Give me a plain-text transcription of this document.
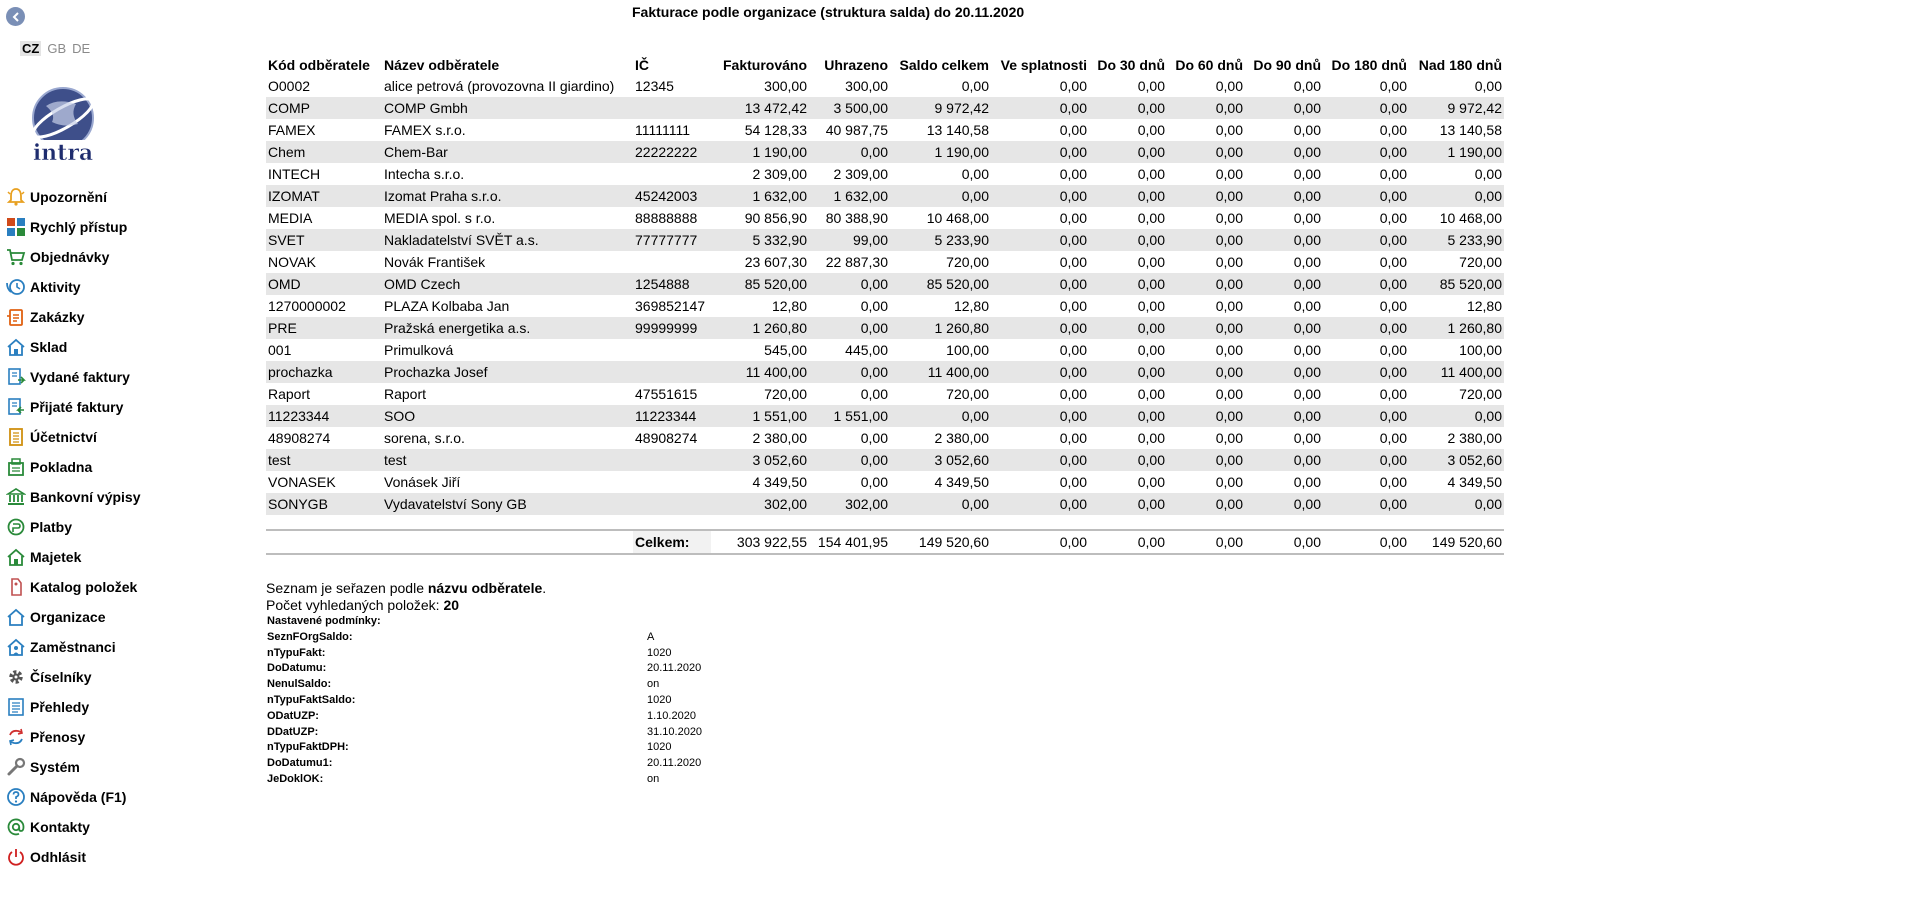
Fakturace podle organizace (struktura salda) do 20.11.2020
CZ GB DE
intra
Upozornění
Rychlý přístup
Objednávky
Aktivity
Zakázky
Sklad
Vydané faktury
Přijaté faktury
Účetnictví
Pokladna
Bankovní výpisy
Platby
Majetek
Katalog položek
Organizace
Zaměstnanci
Číselníky
Přehledy
Přenosy
Systém
Nápověda (F1)
Kontakty
Odhlásit
Kód odběratele	Název odběratele	IČ	Fakturováno	Uhrazeno	Saldo celkem	Ve splatnosti	Do 30 dnů	Do 60 dnů	Do 90 dnů	Do 180 dnů	Nad 180 dnů
O0002	alice petrová (provozovna II giardino)	12345	300,00	300,00	0,00	0,00	0,00	0,00	0,00	0,00	0,00
COMP	COMP Gmbh		13 472,42	3 500,00	9 972,42	0,00	0,00	0,00	0,00	0,00	9 972,42
FAMEX	FAMEX s.r.o.	11111111	54 128,33	40 987,75	13 140,58	0,00	0,00	0,00	0,00	0,00	13 140,58
Chem	Chem-Bar	22222222	1 190,00	0,00	1 190,00	0,00	0,00	0,00	0,00	0,00	1 190,00
INTECH	Intecha s.r.o.		2 309,00	2 309,00	0,00	0,00	0,00	0,00	0,00	0,00	0,00
IZOMAT	Izomat Praha s.r.o.	45242003	1 632,00	1 632,00	0,00	0,00	0,00	0,00	0,00	0,00	0,00
MEDIA	MEDIA spol. s r.o.	88888888	90 856,90	80 388,90	10 468,00	0,00	0,00	0,00	0,00	0,00	10 468,00
SVET	Nakladatelství SVĚT a.s.	77777777	5 332,90	99,00	5 233,90	0,00	0,00	0,00	0,00	0,00	5 233,90
NOVAK	Novák František		23 607,30	22 887,30	720,00	0,00	0,00	0,00	0,00	0,00	720,00
OMD	OMD Czech	1254888	85 520,00	0,00	85 520,00	0,00	0,00	0,00	0,00	0,00	85 520,00
1270000002	PLAZA Kolbaba Jan	369852147	12,80	0,00	12,80	0,00	0,00	0,00	0,00	0,00	12,80
PRE	Pražská energetika a.s.	99999999	1 260,80	0,00	1 260,80	0,00	0,00	0,00	0,00	0,00	1 260,80
001	Primulková		545,00	445,00	100,00	0,00	0,00	0,00	0,00	0,00	100,00
prochazka	Prochazka Josef		11 400,00	0,00	11 400,00	0,00	0,00	0,00	0,00	0,00	11 400,00
Raport	Raport	47551615	720,00	0,00	720,00	0,00	0,00	0,00	0,00	0,00	720,00
11223344	SOO	11223344	1 551,00	1 551,00	0,00	0,00	0,00	0,00	0,00	0,00	0,00
48908274	sorena, s.r.o.	48908274	2 380,00	0,00	2 380,00	0,00	0,00	0,00	0,00	0,00	2 380,00
test	test		3 052,60	0,00	3 052,60	0,00	0,00	0,00	0,00	0,00	3 052,60
VONASEK	Vonásek Jiří		4 349,50	0,00	4 349,50	0,00	0,00	0,00	0,00	0,00	4 349,50
SONYGB	Vydavatelství Sony GB		302,00	302,00	0,00	0,00	0,00	0,00	0,00	0,00	0,00
		Celkem:	303 922,55	154 401,95	149 520,60	0,00	0,00	0,00	0,00	0,00	149 520,60
Seznam je seřazen podle názvu odběratele.
Počet vyhledaných položek: 20
Nastavené podmínky:
SeznFOrgSaldo:	A
nTypuFakt:	1020
DoDatumu:	20.11.2020
NenulSaldo:	on
nTypuFaktSaldo:	1020
ODatUZP:	1.10.2020
DDatUZP:	31.10.2020
nTypuFaktDPH:	1020
DoDatumu1:	20.11.2020
JeDoklOK:	on
